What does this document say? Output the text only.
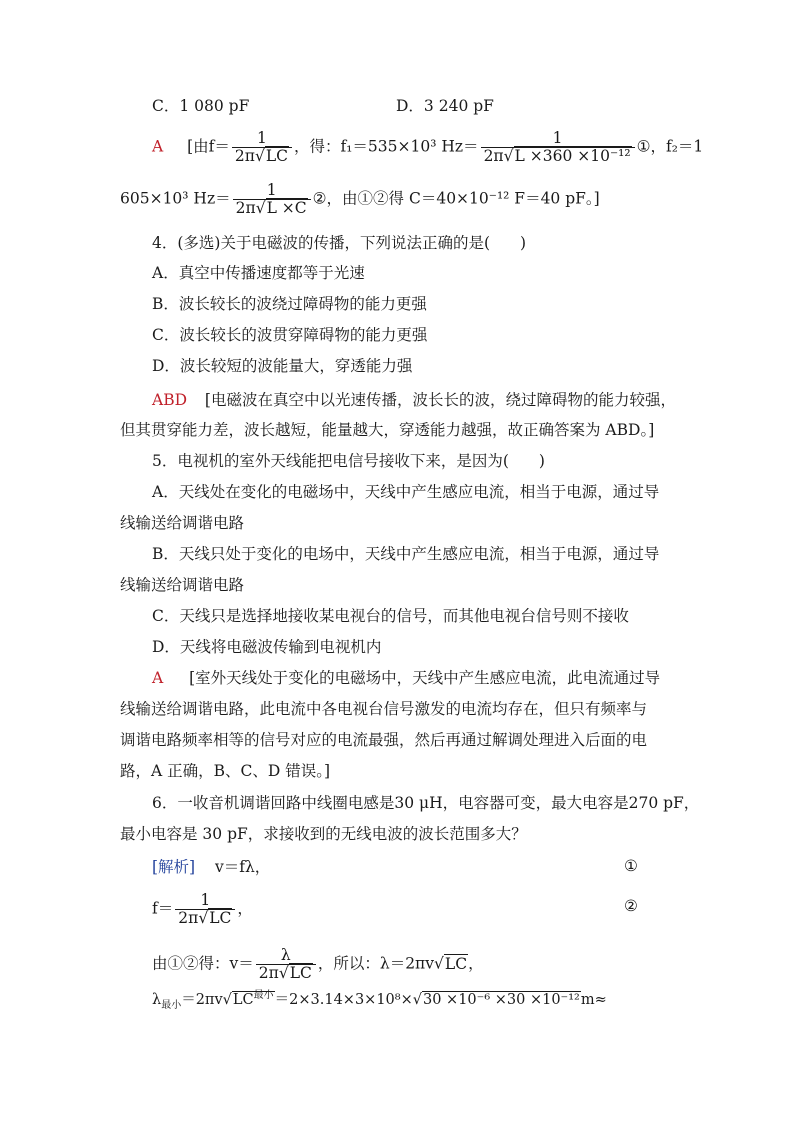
C．1 080 pF	D．3 240 pF
A [由$f= \frac{1}{2\pi√LC}$ ，得：f₁＝535×10³ $Hz= \frac{1}{\text{2π√L ×360 ×10⁻¹²}}$ ①，f₂＝1
605×10³ $Hz= \frac{1}{2\pi√L \times C}$ ②，由①②得 C＝40×10⁻¹² F＝40 pF。]
4．(多选)关于电磁波的传播，下列说法正确的是( )
A．真空中传播速度都等于光速
B．波长较长的波绕过障碍物的能力更强
C．波长较长的波贯穿障碍物的能力更强
D．波长较短的波能量大，穿透能力强
ABD [电磁波在真空中以光速传播，波长长的波，绕过障碍物的能力较强，
但其贯穿能力差，波长越短，能量越大，穿透能力越强，故正确答案为 ABD。]
5．电视机的室外天线能把电信号接收下来，是因为( )
A．天线处在变化的电磁场中，天线中产生感应电流，相当于电源，通过导
线输送给调谐电路
B．天线只处于变化的电场中，天线中产生感应电流，相当于电源，通过导
线输送给调谐电路
C．天线只是选择地接收某电视台的信号，而其他电视台信号则不接收
D．天线将电磁波传输到电视机内
A [室外天线处于变化的电磁场中，天线中产生感应电流，此电流通过导
线输送给调谐电路，此电流中各电视台信号激发的电流均存在，但只有频率与
调谐电路频率相等的信号对应的电流最强，然后再通过解调处理进入后面的电
路，A 正确，B、C、D 错误。]
6．一收音机调谐回路中线圈电感是30 μH，电容器可变，最大电容是270 pF，
最小电容是 30 pF，求接收到的无线电波的波长范围多大？
[解析] v＝fλ，	①
$f= \frac{1}{2\pi√LC}$ ，	②
由①②得：$v= \frac{\lambda}{2\pi√LC}$ ，所以：λ＝2πv√LC，
$\lambda_{最小}=2\pi v√LC^{最小}=2\times 3.14\times 3\times 10^8\times√30 \times 10^{-6} \times 30 \times 10^{-12}m\approx$
